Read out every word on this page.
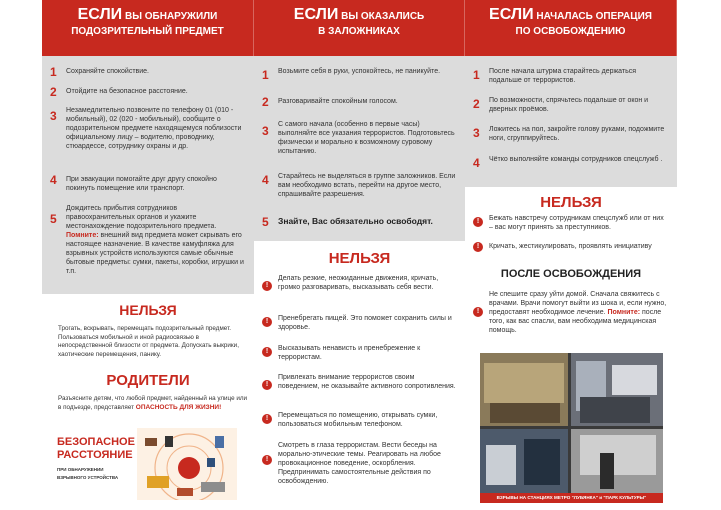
ЕСЛИ ВЫ ОБНАРУЖИЛИ
ПОДОЗРИТЕЛЬНЫЙ ПРЕДМЕТ
1	Сохраняйте спокойствие.
2	Отойдите на безопасное расстояние.
3	Незамедлительно позвоните по телефону 01 (010 - мобильный), 02 (020 - мобильный), сообщите о подозрительном предмете находящемуся поблизости официальному лицу – водителю, проводнику, стюардессе, сотруднику охраны и др.
4	При эвакуации помогайте друг другу спокойно покинуть помещение или транспорт.
5
Дождитесь прибытия сотрудников правоохранительных органов и укажите местонахождение подозрительного предмета. Помните: внешний вид предмета может скрывать его настоящее назначение. В качестве камуфляжа для взрывных устройств используются самые обычные бытовые предметы: сумки, пакеты, коробки, игрушки и т.п.
НЕЛЬЗЯ
Трогать, вскрывать, перемещать подозрительный предмет. Пользоваться мобильной и иной радиосвязью в непосредственной близости от предмета. Допускать выкрики, хаотические перемещения, панику.
РОДИТЕЛИ
Разъясните детям, что любой предмет, найденный на улице или в подъезде, представляет ОПАСНОСТЬ ДЛЯ ЖИЗНИ!
БЕЗОПАСНОЕ
РАССТОЯНИЕ
ПРИ ОБНАРУЖЕНИИ
ВЗРЫВНОГО УСТРОЙСТВА
ЕСЛИ ВЫ ОКАЗАЛИСЬ
В ЗАЛОЖНИКАХ
1	Возьмите себя в руки, успокойтесь, не паникуйте.
2	Разговаривайте спокойным голосом.
3	С самого начала (особенно в первые часы) выполняйте все указания террористов. Подготовьтесь физически и морально к возможному суровому испытанию.
4	Старайтесь не выделяться в группе заложников. Если вам необходимо встать, перейти на другое место, спрашивайте разрешения.
5	Знайте, Вас обязательно освободят.
НЕЛЬЗЯ
!
Делать резкие, неожиданные движения, кричать, громко разговаривать, высказывать себя вести.
!	Пренебрегать пищей. Это поможет сохранить силы и здоровье.
!	Высказывать ненависть и пренебрежение к террористам.
!
Привлекать внимание террористов своим поведением, не оказывайте активного сопротивления.
!	Перемещаться по помещению, открывать сумки, пользоваться мобильным телефоном.
!
Смотреть в глаза террористам. Вести беседы на морально-этические темы. Реагировать на любое провокационное поведение, оскорбления. Предпринимать самостоятельные действия по освобождению.
ЕСЛИ НАЧАЛАСЬ ОПЕРАЦИЯ
ПО ОСВОБОЖДЕНИЮ
1	После начала штурма старайтесь держаться подальше от террористов.
2	По возможности, спрячьтесь подальше от окон и дверных проёмов.
3	Ложитесь на пол, закройте голову руками, подожмите ноги, сгруппируйтесь.
4	Чётко выполняйте команды сотрудников спецслужб .
НЕЛЬЗЯ
!	Бежать навстречу сотрудникам спецслужб или от них – вас могут принять за преступников.
!	Кричать, жестикулировать, проявлять инициативу
ПОСЛЕ ОСВОБОЖДЕНИЯ
!
Не спешите сразу уйти домой. Сначала свяжитесь с врачами. Врачи помогут выйти из шока и, если нужно, предоставят необходимое лечение. Помните: после того, как вас спасли, вам необходима медицинская помощь.
ВЗРЫВЫ НА СТАНЦИЯХ МЕТРО "ЛУБЯНКА" и "ПАРК КУЛЬТУРЫ"
